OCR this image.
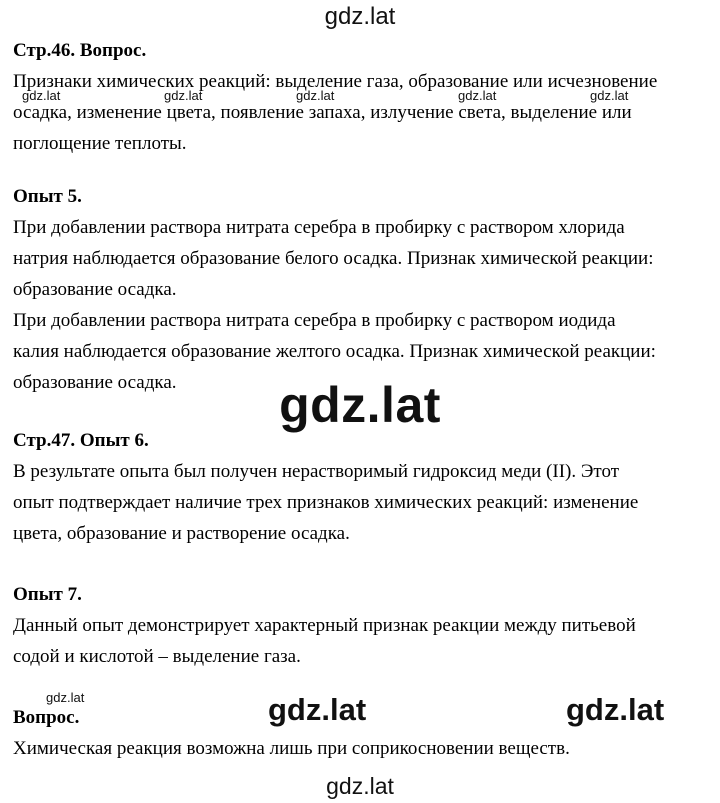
gdz.lat

Стр.46. Вопрос.

Признаки химических реакций: выделение газа, образование или исчезновение

осадка, изменение цвета, появление запаха, излучение света, выделение или

поглощение теплоты.

gdz.lat	gdz.lat	gdz.lat	gdz.lat	gdz.lat

Опыт 5.

При добавлении раствора нитрата серебра в пробирку с раствором хлорида

натрия наблюдается образование белого осадка. Признак химической реакции:

образование осадка.

При добавлении раствора нитрата серебра в пробирку с раствором иодида

калия наблюдается образование желтого осадка. Признак химической реакции:

образование осадка.	gdz.lat

Стр.47. Опыт 6.

В результате опыта был получен нерастворимый гидроксид меди (II). Этот

опыт подтверждает наличие трех признаков химических реакций: изменение

цвета, образование и растворение осадка.

Опыт 7.

Данный опыт демонстрирует характерный признак реакции между питьевой

содой и кислотой – выделение газа.

gdz.lat	gdz.lat	gdz.lat

Вопрос.

Химическая реакция возможна лишь при соприкосновении веществ.

gdz.lat
